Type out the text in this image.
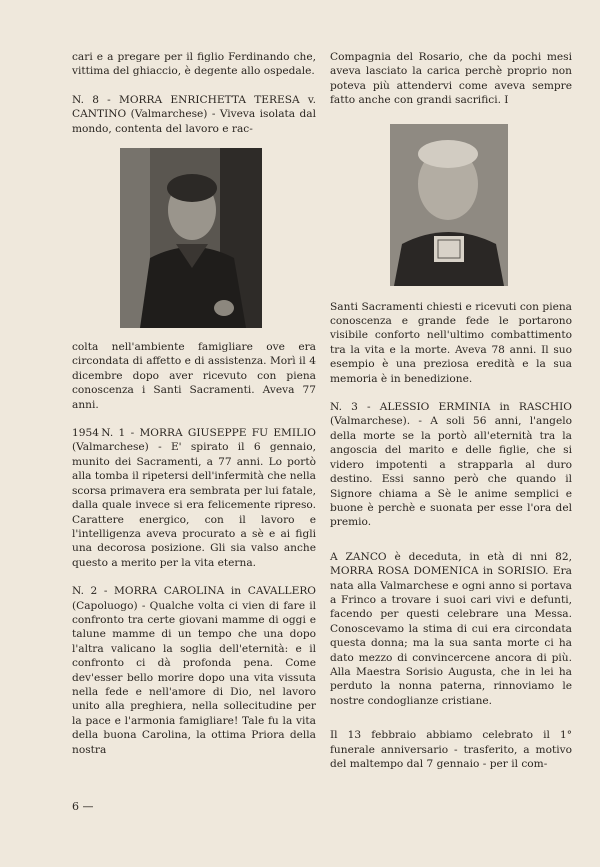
cari e a pregare per il figlio Ferdinando che, vittima del ghiaccio, è degente allo ospedale.

N. 8 - MORRA ENRICHETTA TERESA v. CANTINO (Valmarchese) - Viveva isolata dal mondo, contenta del lavoro e rac-

colta nell'ambiente famigliare ove era circondata di affetto e di assistenza. Morì il 4 dicembre dopo aver ricevuto con piena conoscenza i Santi Sacramenti. Aveva 77 anni.

1954 N. 1 - MORRA GIUSEPPE FU EMILIO (Valmarchese) - E' spirato il 6 gennaio, munito dei Sacramenti, a 77 anni. Lo portò alla tomba il ripetersi dell'infermità che nella scorsa primavera era sembrata per lui fatale, dalla quale invece si era felicemente ripreso. Carattere energico, con il lavoro e l'intelligenza aveva procurato a sè e ai figli una decorosa posizione. Gli sia valso anche questo a merito per la vita eterna.

N. 2 - MORRA CAROLINA in CAVALLERO (Capoluogo) - Qualche volta ci vien di fare il confronto tra certe giovani mamme di oggi e talune mamme di un tempo che una dopo l'altra valicano la soglia dell'eternità: e il confronto ci dà profonda pena. Come dev'esser bello morire dopo una vita vissuta nella fede e nell'amore di Dio, nel lavoro unito alla preghiera, nella sollecitudine per la pace e l'armonia famigliare! Tale fu la vita della buona Carolina, la ottima Priora della nostra

Compagnia del Rosario, che da pochi mesi aveva lasciato la carica perchè proprio non poteva più attendervi come aveva sempre fatto anche con grandi sacrifici. I

Santi Sacramenti chiesti e ricevuti con piena conoscenza e grande fede le portarono visibile conforto nell'ultimo combattimento tra la vita e la morte. Aveva 78 anni. Il suo esempio è una preziosa eredità e la sua memoria è in benedizione.

N. 3 - ALESSIO ERMINIA in RASCHIO (Valmarchese). - A soli 56 anni, l'angelo della morte se la portò all'eternità tra la angoscia del marito e delle figlie, che si videro impotenti a strapparla al duro destino. Essi sanno però che quando il Signore chiama a Sè le anime semplici e buone è perchè e suonata per esse l'ora del premio.

A ZANCO è deceduta, in età di nni 82, MORRA ROSA DOMENICA in SORISIO. Era nata alla Valmarchese e ogni anno si portava a Frinco a trovare i suoi cari vivi e defunti, facendo per questi celebrare una Messa. Conoscevamo la stima di cui era circondata questa donna; ma la sua santa morte ci ha dato mezzo di convincercene ancora di più. Alla Maestra Sorisio Augusta, che in lei ha perduto la nonna paterna, rinnoviamo le nostre condoglianze cristiane.

Il 13 febbraio abbiamo celebrato il 1° funerale anniversario - trasferito, a motivo del maltempo dal 7 gennaio - per il com-

6 —
